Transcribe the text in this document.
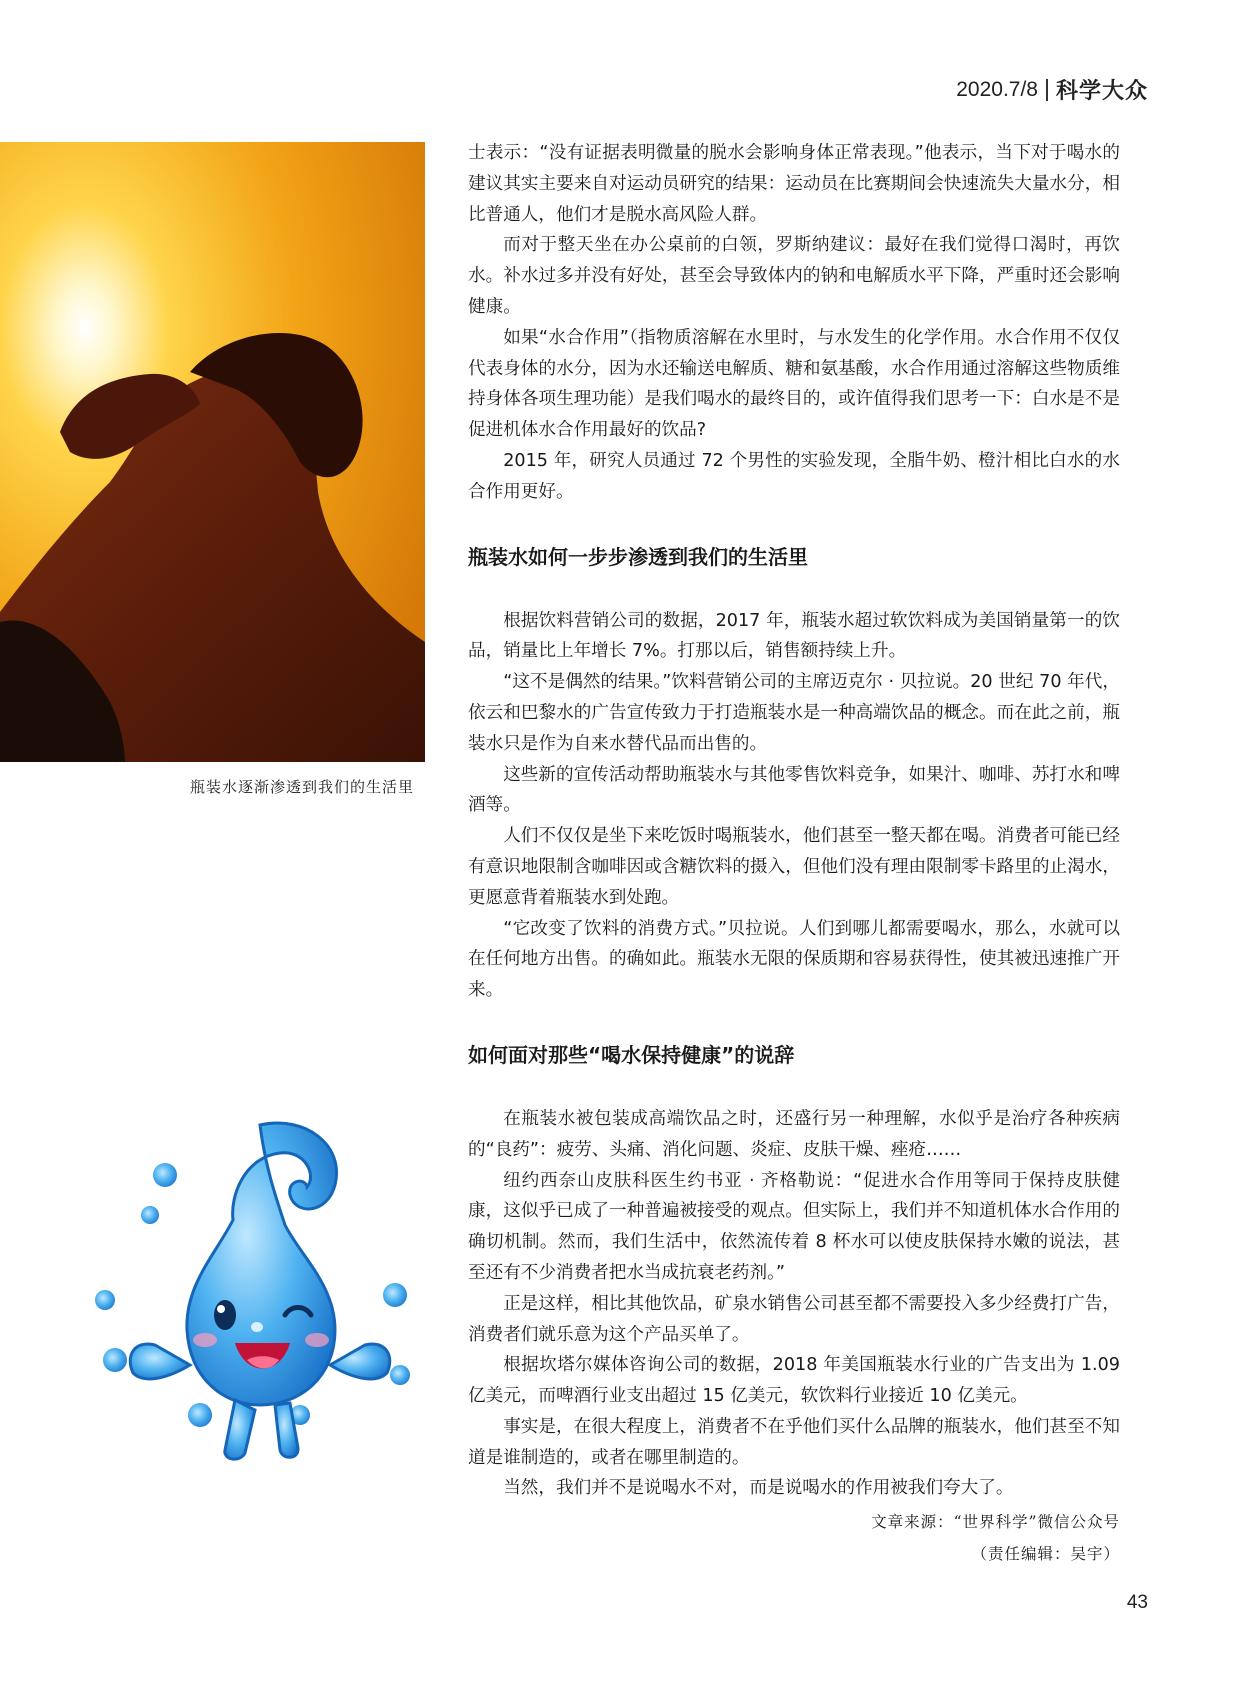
2020.7/8 科学大众
瓶装水逐渐渗透到我们的生活里

士表示：“没有证据表明微量的脱水会影响身体正常表现。”他表示，当下对于喝水的建议其实主要来自对运动员研究的结果：运动员在比赛期间会快速流失大量水分，相比普通人，他们才是脱水高风险人群。

而对于整天坐在办公桌前的白领，罗斯纳建议：最好在我们觉得口渴时，再饮水。补水过多并没有好处，甚至会导致体内的钠和电解质水平下降，严重时还会影响健康。

如果“水合作用”（指物质溶解在水里时，与水发生的化学作用。水合作用不仅仅代表身体的水分，因为水还输送电解质、糖和氨基酸，水合作用通过溶解这些物质维持身体各项生理功能）是我们喝水的最终目的，或许值得我们思考一下：白水是不是促进机体水合作用最好的饮品?

2015 年，研究人员通过 72 个男性的实验发现，全脂牛奶、橙汁相比白水的水合作用更好。

瓶装水如何一步步渗透到我们的生活里

根据饮料营销公司的数据，2017 年，瓶装水超过软饮料成为美国销量第一的饮品，销量比上年增长 7%。打那以后，销售额持续上升。

“这不是偶然的结果。”饮料营销公司的主席迈克尔 · 贝拉说。20 世纪 70 年代，依云和巴黎水的广告宣传致力于打造瓶装水是一种高端饮品的概念。而在此之前，瓶装水只是作为自来水替代品而出售的。

这些新的宣传活动帮助瓶装水与其他零售饮料竞争，如果汁、咖啡、苏打水和啤酒等。

人们不仅仅是坐下来吃饭时喝瓶装水，他们甚至一整天都在喝。消费者可能已经有意识地限制含咖啡因或含糖饮料的摄入，但他们没有理由限制零卡路里的止渴水，更愿意背着瓶装水到处跑。

“它改变了饮料的消费方式。”贝拉说。人们到哪儿都需要喝水，那么，水就可以在任何地方出售。的确如此。瓶装水无限的保质期和容易获得性，使其被迅速推广开来。

如何面对那些“喝水保持健康”的说辞

在瓶装水被包装成高端饮品之时，还盛行另一种理解，水似乎是治疗各种疾病的“良药”：疲劳、头痛、消化问题、炎症、皮肤干燥、痤疮……

纽约西奈山皮肤科医生约书亚 · 齐格勒说：“促进水合作用等同于保持皮肤健康，这似乎已成了一种普遍被接受的观点。但实际上，我们并不知道机体水合作用的确切机制。然而，我们生活中，依然流传着 8 杯水可以使皮肤保持水嫩的说法，甚至还有不少消费者把水当成抗衰老药剂。”

正是这样，相比其他饮品，矿泉水销售公司甚至都不需要投入多少经费打广告，消费者们就乐意为这个产品买单了。

根据坎塔尔媒体咨询公司的数据，2018 年美国瓶装水行业的广告支出为 1.09 亿美元，而啤酒行业支出超过 15 亿美元，软饮料行业接近 10 亿美元。

事实是，在很大程度上，消费者不在乎他们买什么品牌的瓶装水，他们甚至不知道是谁制造的，或者在哪里制造的。

当然，我们并不是说喝水不对，而是说喝水的作用被我们夸大了。

文章来源：“世界科学”微信公众号
（责任编辑：吴宇）
43
